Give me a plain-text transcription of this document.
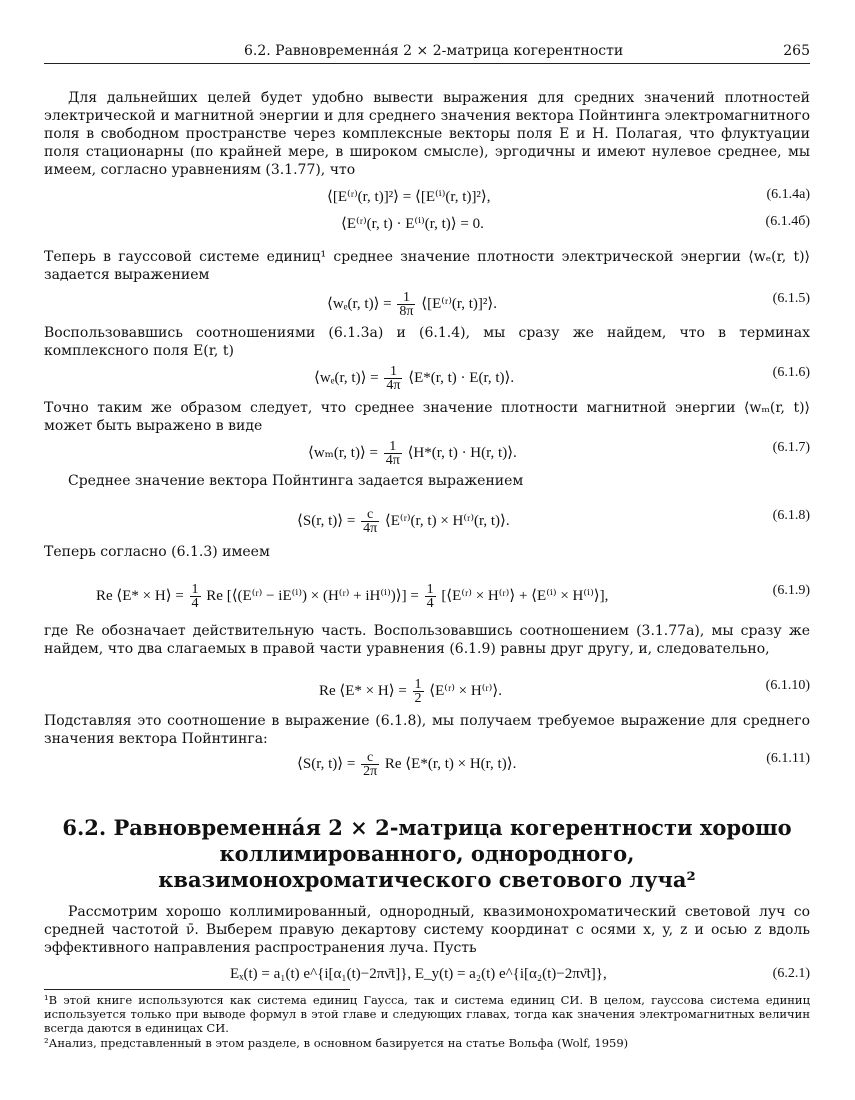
6.2. Равновременна́я 2 × 2-матрица когерентности	265
Для дальнейших целей будет удобно вывести выражения для средних значений плотностей электрической и магнитной энергии и для среднего значения вектора Пойнтинга электромагнитного поля в свободном пространстве через комплексные векторы поля E и H. Полагая, что флуктуации поля стационарны (по крайней мере, в широком смысле), эргодичны и имеют нулевое среднее, мы имеем, согласно уравнениям (3.1.77), что
⟨[E⁽ʳ⁾(r, t)]²⟩ = ⟨[E⁽ⁱ⁾(r, t)]²⟩,	(6.1.4а)
⟨E⁽ʳ⁾(r, t) · E⁽ⁱ⁾(r, t)⟩ = 0.	(6.1.4б)
Теперь в гауссовой системе единиц¹ среднее значение плотности электрической энергии ⟨wₑ(r, t)⟩ задается выражением
⟨wₑ(r, t)⟩ = $\frac{1}{8\pi}$ ⟨[E⁽ʳ⁾(r, t)]²⟩.	(6.1.5)
Воспользовавшись соотношениями (6.1.3а) и (6.1.4), мы сразу же найдем, что в терминах комплексного поля E(r, t)
⟨wₑ(r, t)⟩ = $\frac{1}{4\pi}$ ⟨E*(r, t) · E(r, t)⟩.	(6.1.6)
Точно таким же образом следует, что среднее значение плотности магнитной энергии ⟨wₘ(r, t)⟩ может быть выражено в виде
⟨wₘ(r, t)⟩ = $\frac{1}{4\pi}$ ⟨H*(r, t) · H(r, t)⟩.	(6.1.7)
Среднее значение вектора Пойнтинга задается выражением
⟨S(r, t)⟩ = $\frac{c}{4\pi}$ ⟨E⁽ʳ⁾(r, t) × H⁽ʳ⁾(r, t)⟩.	(6.1.8)
Теперь согласно (6.1.3) имеем
Re ⟨E* × H⟩ = $\frac{1}{4}$ Re [⟨(E⁽ʳ⁾ − iE⁽ⁱ⁾) × (H⁽ʳ⁾ + iH⁽ⁱ⁾)⟩] = $\frac{1}{4}$ [⟨E⁽ʳ⁾ × H⁽ʳ⁾⟩ + ⟨E⁽ⁱ⁾ × H⁽ⁱ⁾⟩],	(6.1.9)
где Re обозначает действительную часть. Воспользовавшись соотношением (3.1.77а), мы сразу же найдем, что два слагаемых в правой части уравнения (6.1.9) равны друг другу, и, следовательно,
Re ⟨E* × H⟩ = $\frac{1}{2}$ ⟨E⁽ʳ⁾ × H⁽ʳ⁾⟩.	(6.1.10)
Подставляя это соотношение в выражение (6.1.8), мы получаем требуемое выражение для среднего значения вектора Пойнтинга:
⟨S(r, t)⟩ = $\frac{c}{2\pi}$ Re ⟨E*(r, t) × H(r, t)⟩.	(6.1.11)
6.2. Равновременна́я 2 × 2-матрица когерентности хорошо
коллимированного, однородного,
квазимонохроматического светового луча²
Рассмотрим хорошо коллимированный, однородный, квазимонохроматический световой луч со средней частотой ν̄. Выберем правую декартову систему координат с осями x, y, z и осью z вдоль эффективного направления распространения луча. Пусть
Eₓ(t) = a₁(t) e^{i[α₁(t)−2πν̄t]}, E_y(t) = a₂(t) e^{i[α₂(t)−2πν̄t]},	(6.2.1)
¹В этой книге используются как система единиц Гаусса, так и система единиц СИ. В целом, гауссова система единиц используется только при выводе формул в этой главе и следующих главах, тогда как значения электромагнитных величин всегда даются в единицах СИ.
²Анализ, представленный в этом разделе, в основном базируется на статье Вольфа (Wolf, 1959)
